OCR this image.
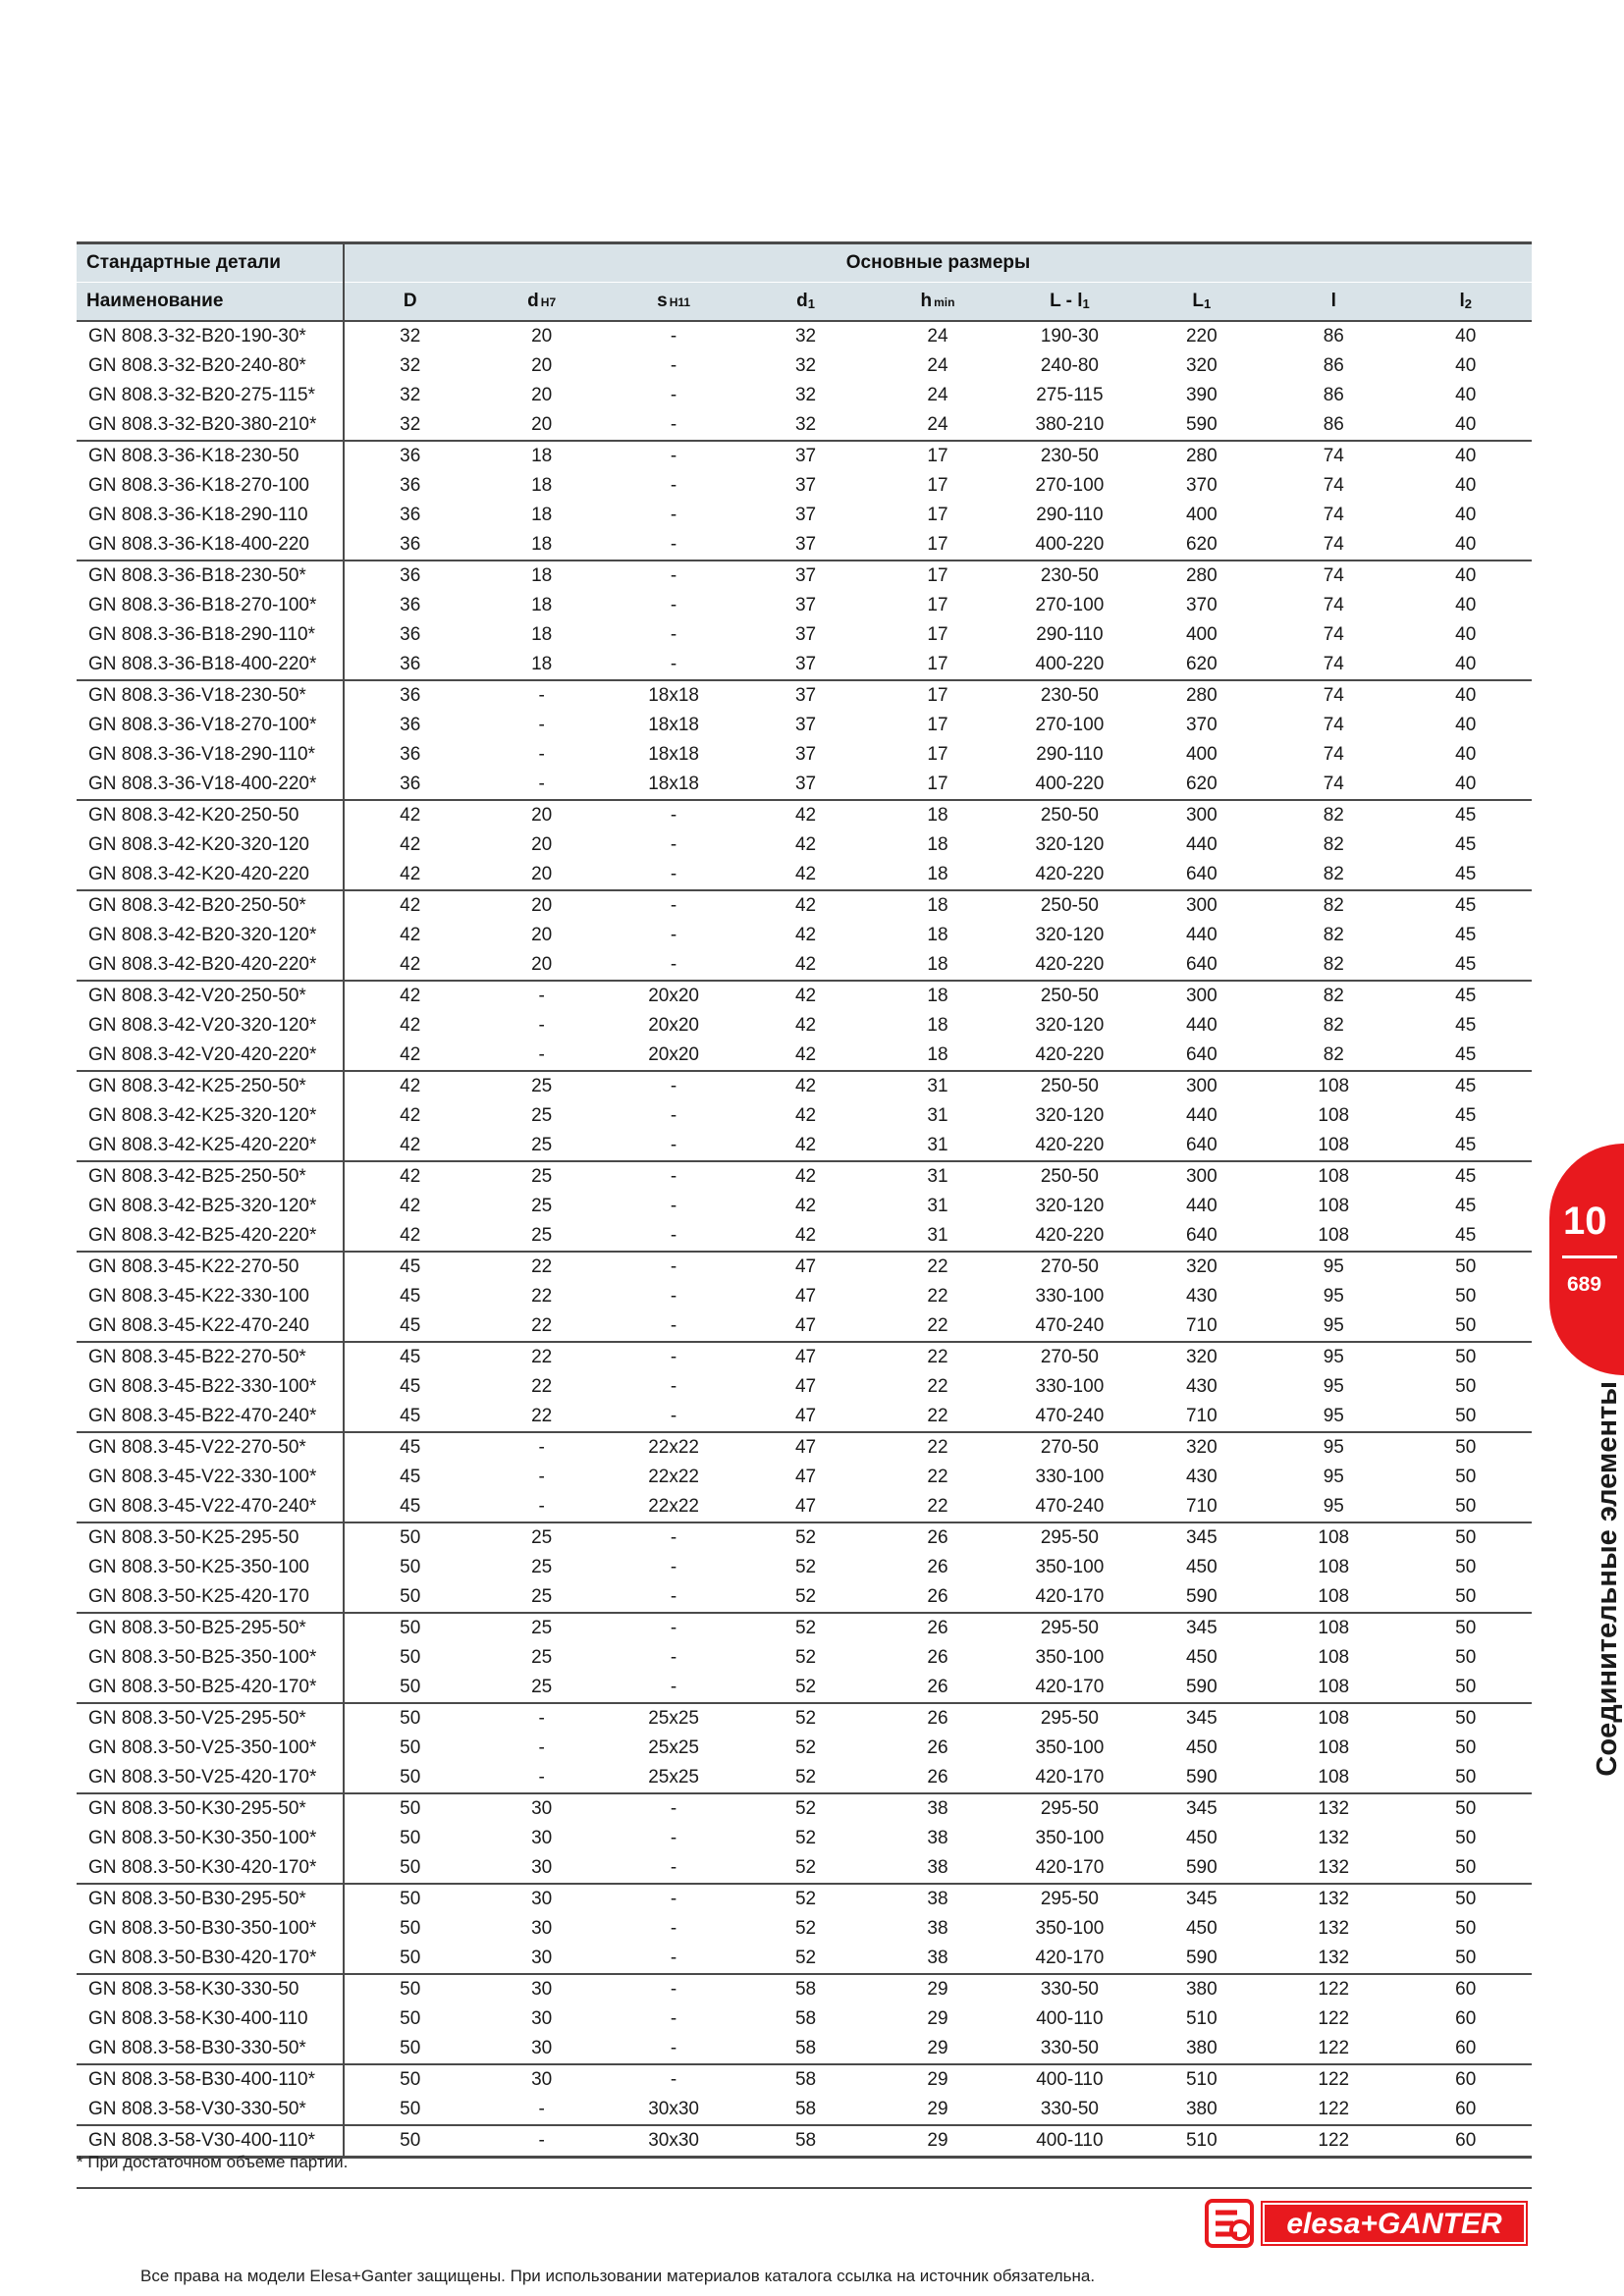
Стандартные детали	Основные размеры								
Наименование	D	d H7	s H11	d1	h min	L - l1	L1	l	l2
GN 808.3-32-B20-190-30*	32	20	-	32	24	190-30	220	86	40
GN 808.3-32-B20-240-80*	32	20	-	32	24	240-80	320	86	40
GN 808.3-32-B20-275-115*	32	20	-	32	24	275-115	390	86	40
GN 808.3-32-B20-380-210*	32	20	-	32	24	380-210	590	86	40
GN 808.3-36-K18-230-50	36	18	-	37	17	230-50	280	74	40
GN 808.3-36-K18-270-100	36	18	-	37	17	270-100	370	74	40
GN 808.3-36-K18-290-110	36	18	-	37	17	290-110	400	74	40
GN 808.3-36-K18-400-220	36	18	-	37	17	400-220	620	74	40
GN 808.3-36-B18-230-50*	36	18	-	37	17	230-50	280	74	40
GN 808.3-36-B18-270-100*	36	18	-	37	17	270-100	370	74	40
GN 808.3-36-B18-290-110*	36	18	-	37	17	290-110	400	74	40
GN 808.3-36-B18-400-220*	36	18	-	37	17	400-220	620	74	40
GN 808.3-36-V18-230-50*	36	-	18x18	37	17	230-50	280	74	40
GN 808.3-36-V18-270-100*	36	-	18x18	37	17	270-100	370	74	40
GN 808.3-36-V18-290-110*	36	-	18x18	37	17	290-110	400	74	40
GN 808.3-36-V18-400-220*	36	-	18x18	37	17	400-220	620	74	40
GN 808.3-42-K20-250-50	42	20	-	42	18	250-50	300	82	45
GN 808.3-42-K20-320-120	42	20	-	42	18	320-120	440	82	45
GN 808.3-42-K20-420-220	42	20	-	42	18	420-220	640	82	45
GN 808.3-42-B20-250-50*	42	20	-	42	18	250-50	300	82	45
GN 808.3-42-B20-320-120*	42	20	-	42	18	320-120	440	82	45
GN 808.3-42-B20-420-220*	42	20	-	42	18	420-220	640	82	45
GN 808.3-42-V20-250-50*	42	-	20x20	42	18	250-50	300	82	45
GN 808.3-42-V20-320-120*	42	-	20x20	42	18	320-120	440	82	45
GN 808.3-42-V20-420-220*	42	-	20x20	42	18	420-220	640	82	45
GN 808.3-42-K25-250-50*	42	25	-	42	31	250-50	300	108	45
GN 808.3-42-K25-320-120*	42	25	-	42	31	320-120	440	108	45
GN 808.3-42-K25-420-220*	42	25	-	42	31	420-220	640	108	45
GN 808.3-42-B25-250-50*	42	25	-	42	31	250-50	300	108	45
GN 808.3-42-B25-320-120*	42	25	-	42	31	320-120	440	108	45
GN 808.3-42-B25-420-220*	42	25	-	42	31	420-220	640	108	45
GN 808.3-45-K22-270-50	45	22	-	47	22	270-50	320	95	50
GN 808.3-45-K22-330-100	45	22	-	47	22	330-100	430	95	50
GN 808.3-45-K22-470-240	45	22	-	47	22	470-240	710	95	50
GN 808.3-45-B22-270-50*	45	22	-	47	22	270-50	320	95	50
GN 808.3-45-B22-330-100*	45	22	-	47	22	330-100	430	95	50
GN 808.3-45-B22-470-240*	45	22	-	47	22	470-240	710	95	50
GN 808.3-45-V22-270-50*	45	-	22x22	47	22	270-50	320	95	50
GN 808.3-45-V22-330-100*	45	-	22x22	47	22	330-100	430	95	50
GN 808.3-45-V22-470-240*	45	-	22x22	47	22	470-240	710	95	50
GN 808.3-50-K25-295-50	50	25	-	52	26	295-50	345	108	50
GN 808.3-50-K25-350-100	50	25	-	52	26	350-100	450	108	50
GN 808.3-50-K25-420-170	50	25	-	52	26	420-170	590	108	50
GN 808.3-50-B25-295-50*	50	25	-	52	26	295-50	345	108	50
GN 808.3-50-B25-350-100*	50	25	-	52	26	350-100	450	108	50
GN 808.3-50-B25-420-170*	50	25	-	52	26	420-170	590	108	50
GN 808.3-50-V25-295-50*	50	-	25x25	52	26	295-50	345	108	50
GN 808.3-50-V25-350-100*	50	-	25x25	52	26	350-100	450	108	50
GN 808.3-50-V25-420-170*	50	-	25x25	52	26	420-170	590	108	50
GN 808.3-50-K30-295-50*	50	30	-	52	38	295-50	345	132	50
GN 808.3-50-K30-350-100*	50	30	-	52	38	350-100	450	132	50
GN 808.3-50-K30-420-170*	50	30	-	52	38	420-170	590	132	50
GN 808.3-50-B30-295-50*	50	30	-	52	38	295-50	345	132	50
GN 808.3-50-B30-350-100*	50	30	-	52	38	350-100	450	132	50
GN 808.3-50-B30-420-170*	50	30	-	52	38	420-170	590	132	50
GN 808.3-58-K30-330-50	50	30	-	58	29	330-50	380	122	60
GN 808.3-58-K30-400-110	50	30	-	58	29	400-110	510	122	60
GN 808.3-58-B30-330-50*	50	30	-	58	29	330-50	380	122	60
GN 808.3-58-B30-400-110*	50	30	-	58	29	400-110	510	122	60
GN 808.3-58-V30-330-50*	50	-	30x30	58	29	330-50	380	122	60
GN 808.3-58-V30-400-110*	50	-	30x30	58	29	400-110	510	122	60
* При достаточном объеме партии.
Все права на модели Elesa+Ganter защищены. При использовании материалов каталога ссылка на источник обязательна.
elesa+GANTER
10
689
Соединительные элементы
